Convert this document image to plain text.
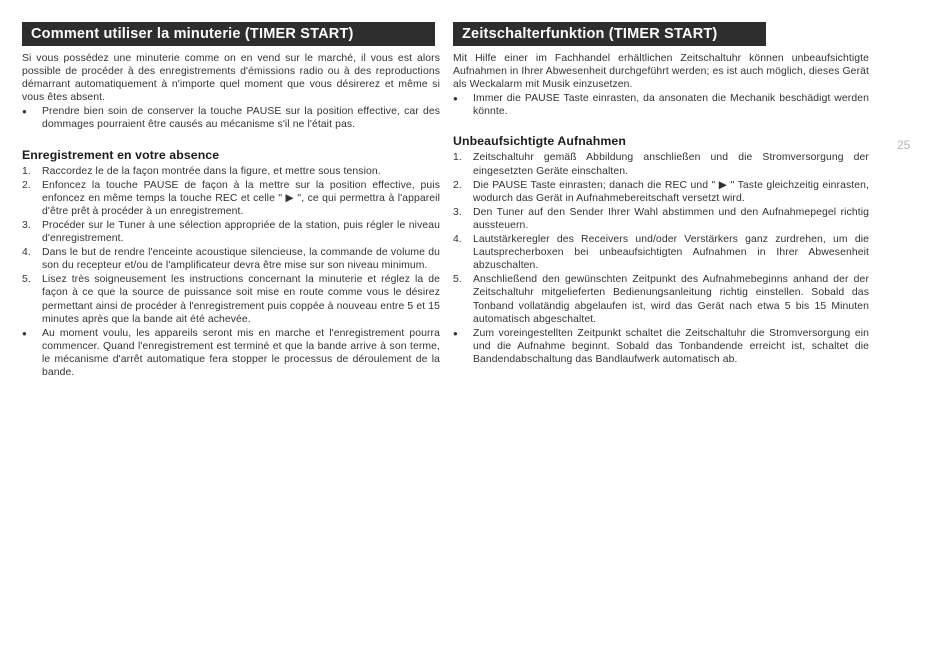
Comment utiliser la minuterie (TIMER START)

Si vous possédez une minuterie comme on en vend sur le marché, il vous est alors possible de procéder à des enregistrements d'émissions radio ou à des reproductions démarrant automatiquement à n'importe quel moment que vous désirerez et même si vous êtes absent.

●	Prendre bien soin de conserver la touche PAUSE sur la position effective, car des dommages pourraient être causés au mécanisme s'il ne l'était pas.
Enregistrement en votre absence
1.	Raccordez le de la façon montrée dans la figure, et mettre sous tension.
2.	Enfoncez la touche PAUSE de façon à la mettre sur la position effective, puis enfoncez en même temps la touche REC et celle " ▶ ", ce qui permettra à l'appareil d'être prêt à procéder à un enregistrement.
3.	Procéder sur le Tuner à une sélection appropriée de la station, puis régler le niveau d'enregistrement.
4.	Dans le but de rendre l'enceinte acoustique silencieuse, la commande de volume du son du recepteur et/ou de l'amplificateur devra être mise sur son niveau minimum.
5.	Lisez très soigneusement les instructions concernant la minuterie et réglez la de façon à ce que la source de puissance soit mise en route comme vous le désirez permettant ainsi de procéder à l'enregistrement puis coppée à nouveau entre 5 et 15 minutes après que la bande ait été achevée.
●	Au moment voulu, les appareils seront mis en marche et l'enregistrement pourra commencer. Quand l'enregistrement est terminé et que la bande arrive à son terme, le mécanisme d'arrêt automatique fera stopper le processus de déroulement de la bande.
Zeitschalterfunktion (TIMER START)

Mit Hilfe einer im Fachhandel erhältlichen Zeitschaltuhr können unbeaufsichtigte Aufnahmen in Ihrer Abwesenheit durchgeführt werden; es ist auch möglich, dieses Gerät als Weckalarm mit Musik einzusetzen.

●	Immer die PAUSE Taste einrasten, da ansonaten die Mechanik beschädigt werden könnte.
Unbeaufsichtigte Aufnahmen
1.	Zeitschaltuhr gemäß Abbildung anschließen und die Stromversorgung der eingesetzten Geräte einschalten.
2.	Die PAUSE Taste einrasten; danach die REC und " ▶ " Taste gleichzeitig einrasten, wodurch das Gerät in Aufnahmebereitschaft versetzt wird.
3.	Den Tuner auf den Sender Ihrer Wahl abstimmen und den Aufnahmepegel richtig aussteuern.
4.	Lautstärkeregler des Receivers und/oder Verstärkers ganz zurdrehen, um die Lautsprecherboxen bei unbeaufsichtigten Aufnahmen in Ihrer Abwesenheit abzuschalten.
5.	Anschließend den gewünschten Zeitpunkt des Aufnahmebeginns anhand der der Zeitschaltuhr mitgelieferten Bedienungsanleitung richtig einstellen. Sobald das Tonband vollatändig abgelaufen ist, wird das Gerät nach etwa 5 bis 15 Minuten automatisch abgeschaltet.
●	Zum voreingestellten Zeitpunkt schaltet die Zeitschaltuhr die Stromversorgung ein und die Aufnahme beginnt. Sobald das Tonbandende erreicht ist, schaltet die Bandendabschaltung das Bandlaufwerk automatisch ab.
25
